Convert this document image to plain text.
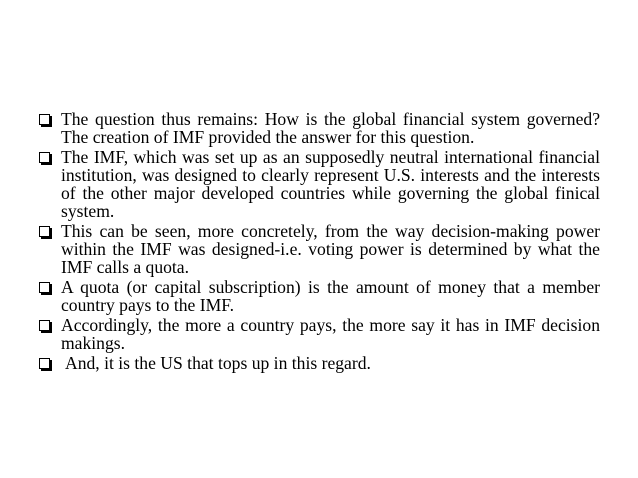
The question thus remains: How is the global financial system governed? The creation of IMF provided the answer for this question.
The IMF, which was set up as an supposedly neutral international financial institution, was designed to clearly represent U.S. interests and the interests of the other major developed countries while governing the global finical system.
This can be seen, more concretely, from the way decision-making power within the IMF was designed-i.e. voting power is determined by what the IMF calls a quota.
A quota (or capital subscription) is the amount of money that a member country pays to the IMF.
Accordingly, the more a country pays, the more say it has in IMF decision makings.
And, it is the US that tops up in this regard.
